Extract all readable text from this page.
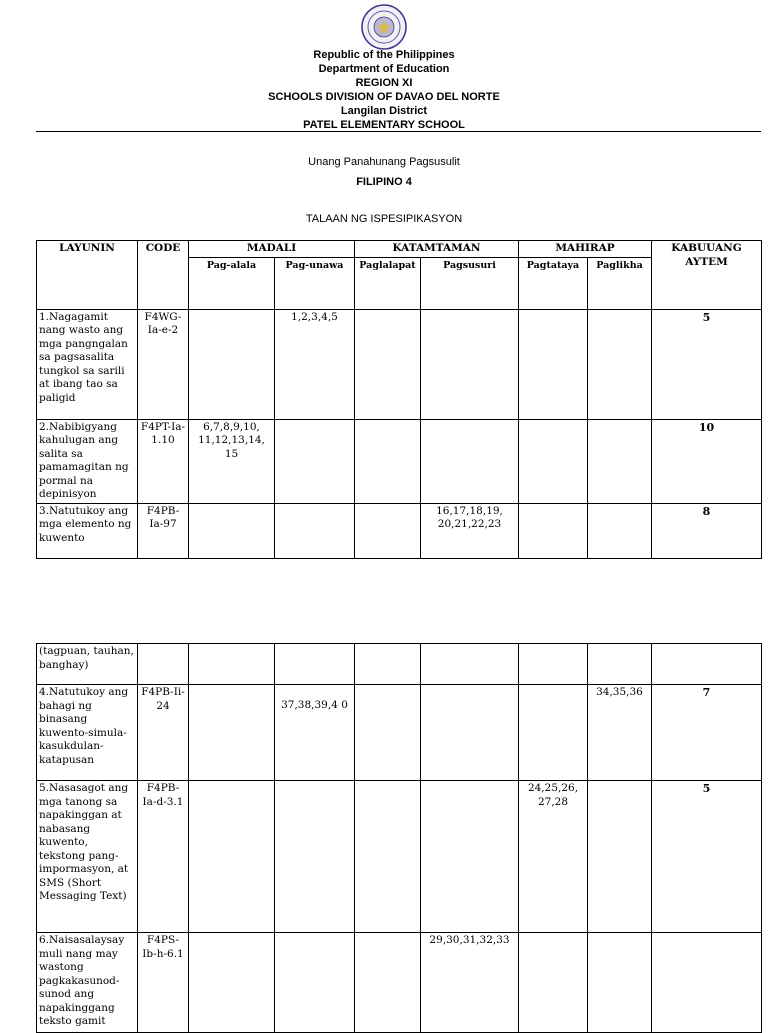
Republic of the Philippines
Department of Education
REGION XI
SCHOOLS DIVISION OF DAVAO DEL NORTE
Langilan District
PATEL ELEMENTARY SCHOOL
Unang Panahunang Pagsusulit
FILIPINO 4
TALAAN NG ISPESIPIKASYON
LAYUNIN	CODE	MADALI		KATAMTAMAN		MAHIRAP		KABUUANG AYTEM
		Pag-alala	Pag-unawa	Paglalapat	Pagsusuri	Pagtataya	Paglikha	
1.Nagagamit nang wasto ang mga pangngalan sa pagsasalita tungkol sa sarili at ibang tao sa paligid	F4WG-Ia-e-2		1,2,3,4,5					5
2.Nabibigyang kahulugan ang salita sa pamamagitan ng pormal na depinisyon	F4PT-Ia-1.10	6,7,8,9,10, 11,12,13,14, 15						10
3.Natutukoy ang mga elemento ng kuwento	F4PB-Ia-97				16,17,18,19, 20,21,22,23			8
(tagpuan, tauhan, banghay)								
4.Natutukoy ang bahagi ng binasang kuwento-simula-kasukdulan-katapusan	F4PB-Ii-24		37,38,39,4 0				34,35,36	7
5.Nasasagot ang mga tanong sa napakinggan at nabasang kuwento, tekstong pang-impormasyon, at SMS (Short Messaging Text)	F4PB-Ia-d-3.1					24,25,26, 27,28		5
6.Naisasalaysay muli nang may wastong pagkakasunod-sunod ang napakinggang teksto gamit	F4PS-Ib-h-6.1				29,30,31,32,33			
